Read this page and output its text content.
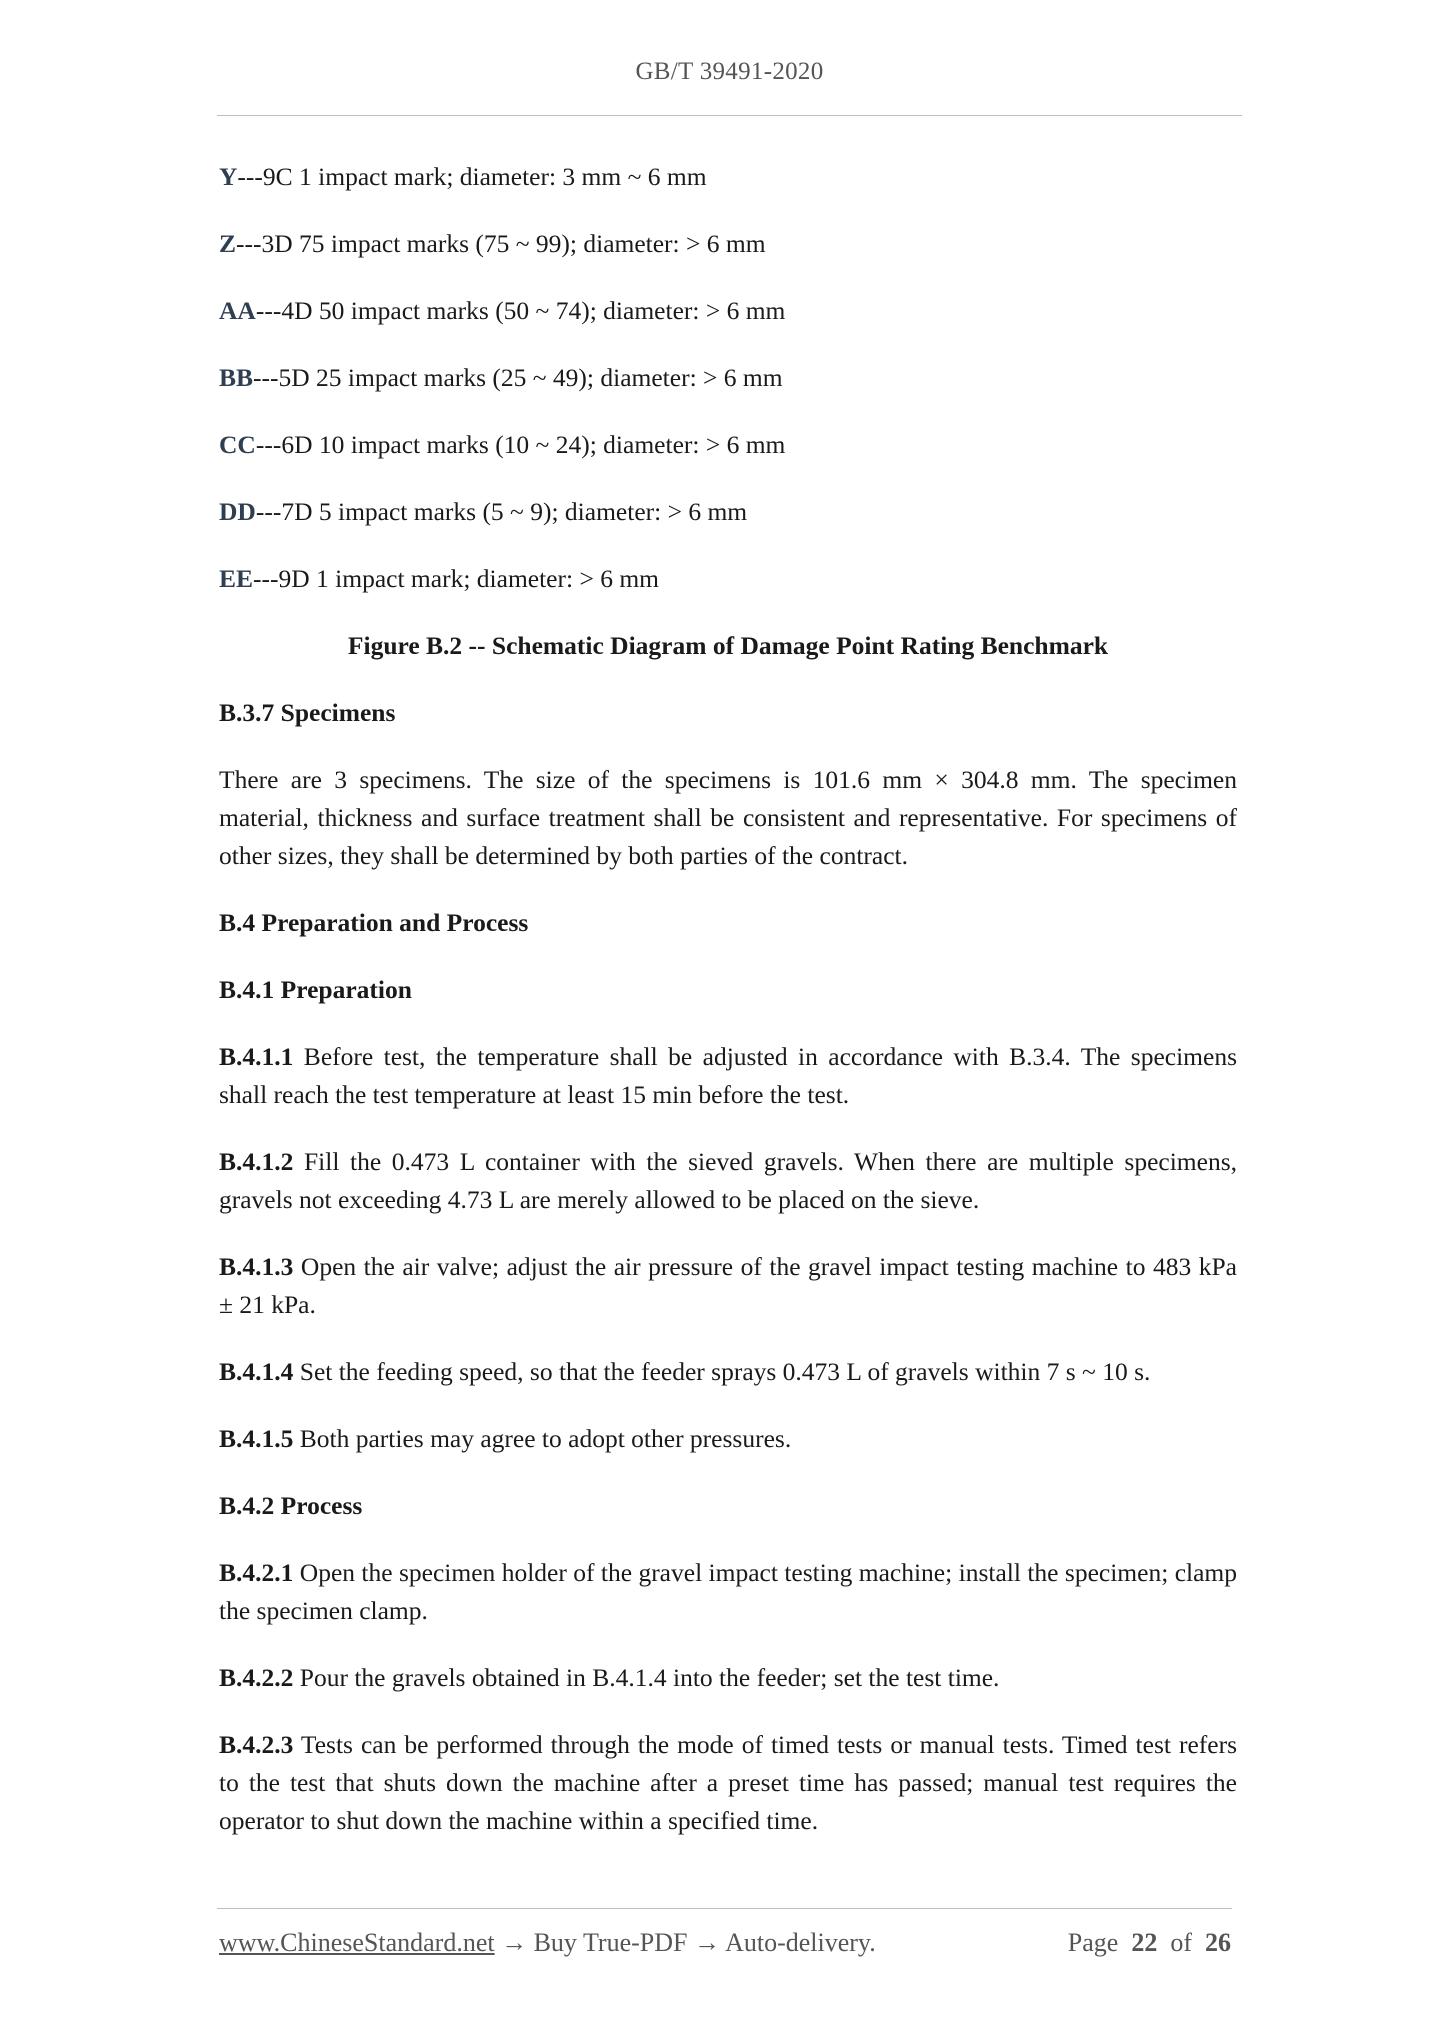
GB/T 39491-2020
Y---9C 1 impact mark; diameter: 3 mm ~ 6 mm
Z---3D 75 impact marks (75 ~ 99); diameter: > 6 mm
AA---4D 50 impact marks (50 ~ 74); diameter: > 6 mm
BB---5D 25 impact marks (25 ~ 49); diameter: > 6 mm
CC---6D 10 impact marks (10 ~ 24); diameter: > 6 mm
DD---7D 5 impact marks (5 ~ 9); diameter: > 6 mm
EE---9D 1 impact mark; diameter: > 6 mm
Figure B.2 -- Schematic Diagram of Damage Point Rating Benchmark
B.3.7 Specimens
There are 3 specimens. The size of the specimens is 101.6 mm × 304.8 mm. The specimen material, thickness and surface treatment shall be consistent and representative. For specimens of other sizes, they shall be determined by both parties of the contract.
B.4 Preparation and Process
B.4.1 Preparation
B.4.1.1 Before test, the temperature shall be adjusted in accordance with B.3.4. The specimens shall reach the test temperature at least 15 min before the test.
B.4.1.2 Fill the 0.473 L container with the sieved gravels. When there are multiple specimens, gravels not exceeding 4.73 L are merely allowed to be placed on the sieve.
B.4.1.3 Open the air valve; adjust the air pressure of the gravel impact testing machine to 483 kPa ± 21 kPa.
B.4.1.4 Set the feeding speed, so that the feeder sprays 0.473 L of gravels within 7 s ~ 10 s.
B.4.1.5 Both parties may agree to adopt other pressures.
B.4.2 Process
B.4.2.1 Open the specimen holder of the gravel impact testing machine; install the specimen; clamp the specimen clamp.
B.4.2.2 Pour the gravels obtained in B.4.1.4 into the feeder; set the test time.
B.4.2.3 Tests can be performed through the mode of timed tests or manual tests. Timed test refers to the test that shuts down the machine after a preset time has passed; manual test requires the operator to shut down the machine within a specified time.
www.ChineseStandard.net → Buy True-PDF → Auto-delivery.	Page 22 of 26
